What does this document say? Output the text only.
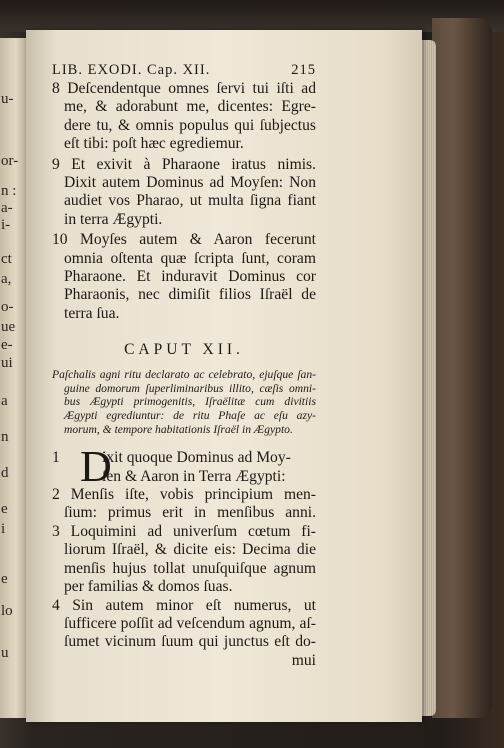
u-
or-
n :
a-
i-
ct
a,
o-
ue
e-
ui
a
n
d
e
i
e
lo
u
LIB. EXODI. Cap. XII.	215
8 Deſcendentque omnes ſervi tui iſti ad
me, & adorabunt me, dicentes: Egre-
dere tu, & omnis populus qui ſubjectus
eſt tibi: poſt hæc egrediemur.
9 Et exivit à Pharaone iratus nimis.
Dixit autem Dominus ad Moyſen: Non
audiet vos Pharao, ut multa ſigna fiant
in terra Ægypti.
10 Moyſes autem & Aaron fecerunt
omnia oſtenta quæ ſcripta ſunt, coram
Pharaone. Et induravit Dominus cor
Pharaonis, nec dimiſit filios Iſraël de
terra ſua.
CAPUT XII.
Paſchalis agni ritu declarato ac celebrato, ejuſque ſan-
guine domorum ſuperliminaribus illito, cæſis omni-
bus Ægypti primogenitis, Iſraëlitæ cum divitiis
Ægypti egrediuntur: de ritu Phaſe ac eſu azy-
morum, & tempore habitationis Iſraël in Ægypto.
D
1	ixit quoque Dominus ad Moy-
ſen & Aaron in Terra Ægypti:
2 Menſis iſte, vobis principium men-
ſium: primus erit in menſibus anni.
3 Loquimini ad univerſum cœtum fi-
liorum Iſraël, & dicite eis: Decima die
menſis hujus tollat unuſquiſque agnum
per familias & domos ſuas.
4 Sin autem minor eſt numerus, ut
ſufficere poſſit ad veſcendum agnum, aſ-
ſumet vicinum ſuum qui junctus eſt do-
mui
